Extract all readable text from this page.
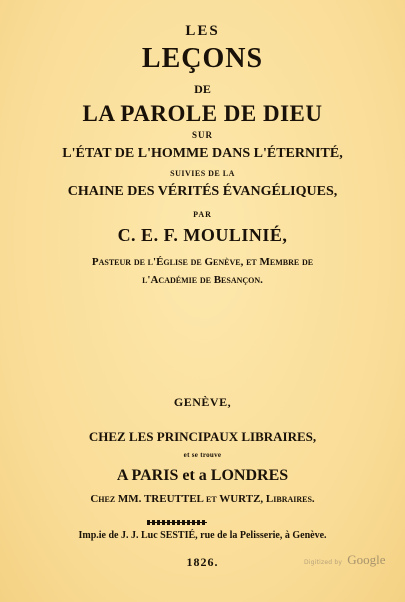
LES
LEÇONS
DE
LA PAROLE DE DIEU
SUR
L'ÉTAT DE L'HOMME DANS L'ÉTERNITÉ,
SUIVIES DE LA
CHAINE DES VÉRITÉS ÉVANGÉLIQUES,
PAR
C. E. F. MOULINIÉ,
Pasteur de l'Église de Genève, et Membre de
l'Académie de Besançon.
GENÈVE,
CHEZ LES PRINCIPAUX LIBRAIRES,
et se trouve
A PARIS et a LONDRES
Chez MM. TREUTTEL et WURTZ, Libraires.
Imp.ie de J. J. Luc SESTIÉ, rue de la Pelisserie, à Genève.
1826.	Digitized by Google
